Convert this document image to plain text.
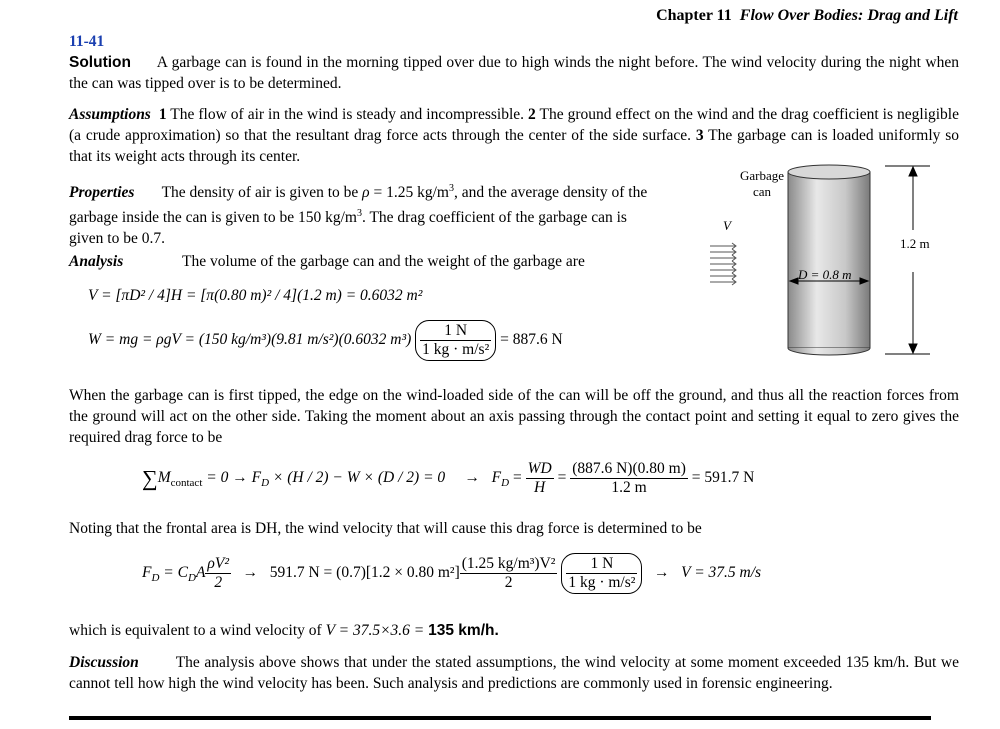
Chapter 11 Flow Over Bodies: Drag and Lift
11-41
Solution A garbage can is found in the morning tipped over due to high winds the night before. The wind velocity during the night when the can was tipped over is to be determined.
Assumptions 1 The flow of air in the wind is steady and incompressible. 2 The ground effect on the wind and the drag coefficient is negligible (a crude approximation) so that the resultant drag force acts through the center of the side surface. 3 The garbage can is loaded uniformly so that its weight acts through its center.
Properties The density of air is given to be ρ = 1.25 $kg/m^3$, and the average density of the garbage inside the can is given to be 150 $kg/m^3$. The drag coefficient of the garbage can is given to be 0.7.
Analysis	The volume of the garbage can and the weight of the garbage are
V = [πD² / 4]H = [π(0.80 m)² / 4](1.2 m) = 0.6032 m²
W = mg = ρgV = (150 kg/m³)(9.81 m/s²)(0.6032 $m^3) \frac{1 N}{\text{1 kg · m/s²}} = 887.6$ N
Garbage
can
V
1.2 m
D = 0.8 m
When the garbage can is first tipped, the edge on the wind-loaded side of the can will be off the ground, and thus all the reaction forces from the ground will act on the other side. Taking the moment about an axis passing through the contact point and setting it equal to zero gives the required drag force to be
$\sum M_{contact} = 0 \to F_D \times (H / 2) - W \times (D / 2) = 0 \to F_D = \frac{WD}{H} = \frac{(887.6 N)(0.80 m)}{1.2 m} = 591.7$ N
Noting that the frontal area is DH, the wind velocity that will cause this drag force is determined to be
$F_D = C_DA \frac{\text{ρV²}}{2} \to 591.7$ N = (0.7)[1.2 × 0.80 $m^2] \frac{\text{(1.25 kg/m³)V²}}{2}$
$\frac{1 N}{\text{1 kg · m/s²}} \to V = 37.5$ m/s
which is equivalent to a wind velocity of V = 37.5×3.6 = 135 km/h.
Discussion The analysis above shows that under the stated assumptions, the wind velocity at some moment exceeded 135 km/h. But we cannot tell how high the wind velocity has been. Such analysis and predictions are commonly used in forensic engineering.
